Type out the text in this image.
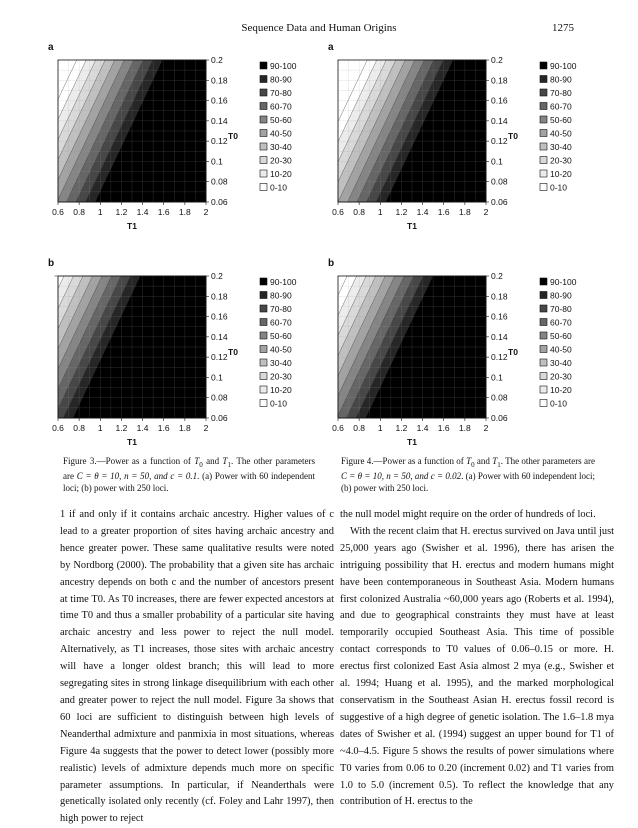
Sequence Data and Human Origins	1275
a
0.6 0.8 1 1.2 1.4 1.6 1.8 2
T1
0.2
0.18
0.16
0.14
0.12
0.1
0.08
0.06
T0
90-100
80-90
70-80
60-70
50-60
40-50
30-40
20-30
10-20
0-10
a
0.6 0.8 1 1.2 1.4 1.6 1.8 2
T1
0.2
0.18
0.16
0.14
0.12
0.1
0.08
0.06
T0
90-100
80-90
70-80
60-70
50-60
40-50
30-40
20-30
10-20
0-10
b
0.6 0.8 1 1.2 1.4 1.6 1.8 2
T1
0.2
0.18
0.16
0.14
0.12
0.1
0.08
0.06
T0
90-100
80-90
70-80
60-70
50-60
40-50
30-40
20-30
10-20
0-10
b
0.6 0.8 1 1.2 1.4 1.6 1.8 2
T1
0.2
0.18
0.16
0.14
0.12
0.1
0.08
0.06
T0
90-100
80-90
70-80
60-70
50-60
40-50
30-40
20-30
10-20
0-10
Figure 3.—Power as a function of $T_0$ and $T_1$. The other parameters are C = θ = 10, n = 50, and c = 0.1. (a) Power with 60 independent loci; (b) power with 250 loci.
Figure 4.—Power as a function of $T_0$ and $T_1$. The other parameters are C = θ = 10, n = 50, and c = 0.02. (a) Power with 60 independent loci; (b) power with 250 loci.

1 if and only if it contains archaic ancestry. Higher values of c lead to a greater proportion of sites having archaic ancestry and hence greater power. These same qualitative results were noted by Nordborg (2000). The probability that a given site has archaic ancestry depends on both c and the number of ancestors present at time T0. As T0 increases, there are fewer expected ancestors at time T0 and thus a smaller probability of a particular site having archaic ancestry and less power to reject the null model. Alternatively, as T1 increases, those sites with archaic ancestry will have a longer oldest branch; this will lead to more segregating sites in strong linkage disequilibrium with each other and greater power to reject the null model. Figure 3a shows that 60 loci are sufficient to distinguish between high levels of Neanderthal admixture and panmixia in most situations, whereas Figure 4a suggests that the power to detect lower (possibly more realistic) levels of admixture depends much more on specific parameter assumptions. In particular, if Neanderthals were genetically isolated only recently (cf. Foley and Lahr 1997), then high power to reject

the null model might require on the order of hundreds of loci.

With the recent claim that H. erectus survived on Java until just 25,000 years ago (Swisher et al. 1996), there has arisen the intriguing possibility that H. erectus and modern humans might have been contemporaneous in Southeast Asia. Modern humans first colonized Australia ~60,000 years ago (Roberts et al. 1994), and due to geographical constraints they must have at least temporarily occupied Southeast Asia. This time of possible contact corresponds to T0 values of 0.06–0.15 or more. H. erectus first colonized East Asia almost 2 mya (e.g., Swisher et al. 1994; Huang et al. 1995), and the marked morphological conservatism in the Southeast Asian H. erectus fossil record is suggestive of a high degree of genetic isolation. The 1.6–1.8 mya dates of Swisher et al. (1994) suggest an upper bound for T1 of ~4.0–4.5. Figure 5 shows the results of power simulations where T0 varies from 0.06 to 0.20 (increment 0.02) and T1 varies from 1.0 to 5.0 (increment 0.5). To reflect the knowledge that any contribution of H. erectus to the
